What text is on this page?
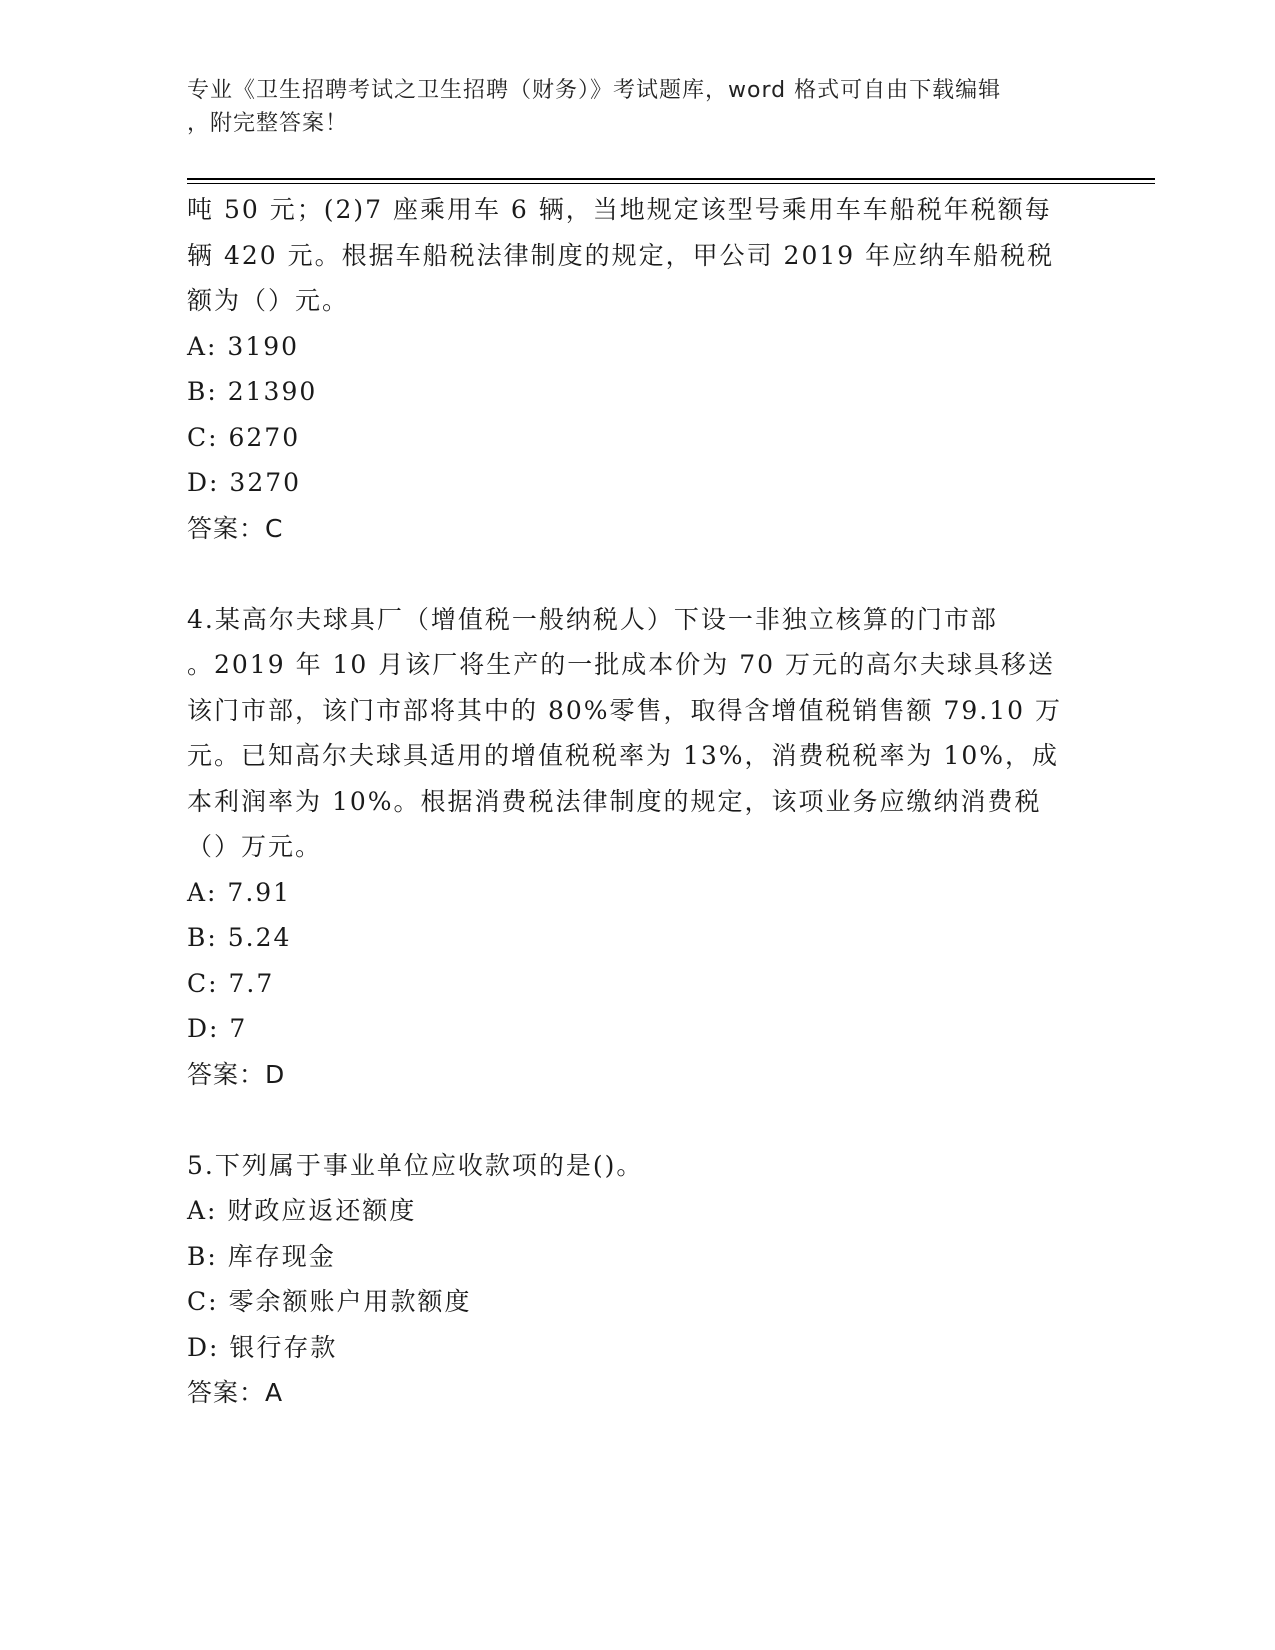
专业《卫生招聘考试之卫生招聘（财务）》考试题库，word 格式可自由下载编辑
，附完整答案！
吨 50 元；(2)7 座乘用车 6 辆，当地规定该型号乘用车车船税年税额每
辆 420 元。根据车船税法律制度的规定，甲公司 2019 年应纳车船税税
额为（）元。
A: 3190
B: 21390
C: 6270
D: 3270
答案：C
4.某高尔夫球具厂（增值税一般纳税人）下设一非独立核算的门市部
。2019 年 10 月该厂将生产的一批成本价为 70 万元的高尔夫球具移送
该门市部，该门市部将其中的 80%零售，取得含增值税销售额 79.10 万
元。已知高尔夫球具适用的增值税税率为 13%，消费税税率为 10%，成
本利润率为 10%。根据消费税法律制度的规定，该项业务应缴纳消费税
（）万元。
A: 7.91
B: 5.24
C: 7.7
D: 7
答案：D
5.下列属于事业单位应收款项的是()。
A: 财政应返还额度
B: 库存现金
C: 零余额账户用款额度
D: 银行存款
答案：A
